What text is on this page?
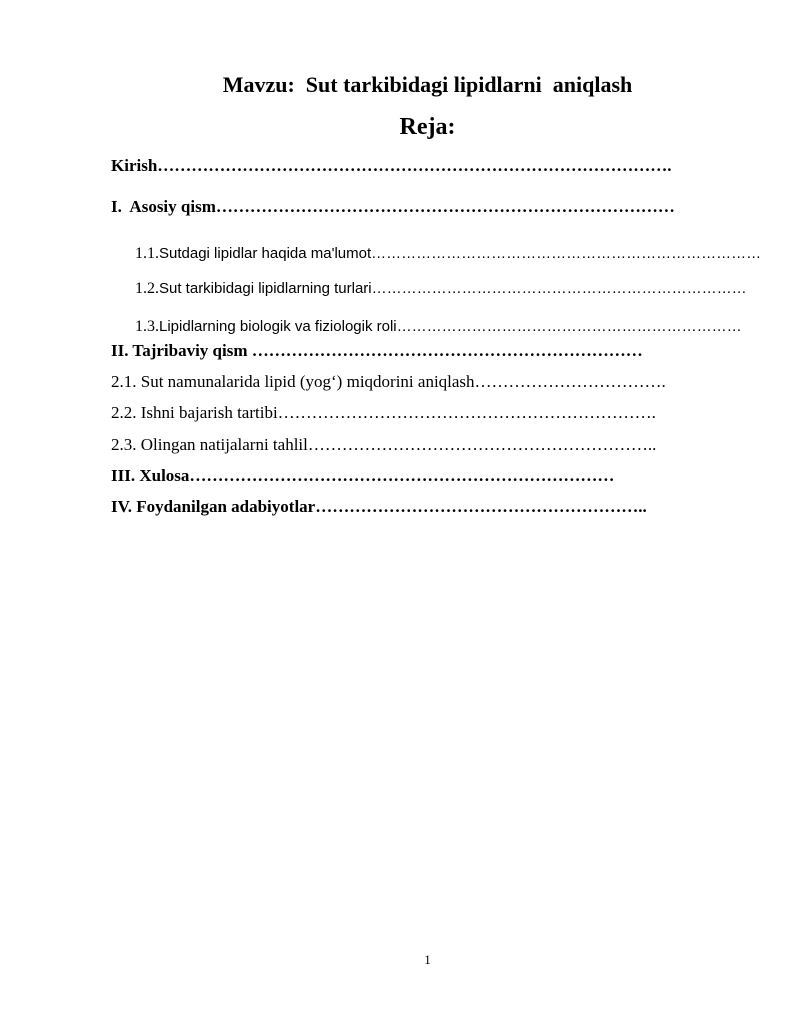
Mavzu:  Sut tarkibidagi lipidlarni  aniqlash
Reja:
Kirish……………………………………………………………………………….
I.  Asosiy qism………………………………………………………………………

1.1.Sutdagi lipidlar haqida ma'lumot……………………………………………………………………

1.2.Sut tarkibidagi lipidlarning turlari…………………………………………………………………

1.3.Lipidlarning biologik va fiziologik roli……………………………………………………………

II. Tajribaviy qism ……………………………………………………………
2.1. Sut namunalarida lipid (yog‘) miqdorini aniqlash…………………………….
2.2. Ishni bajarish tartibi………………………………………………………….
2.3. Olingan natijalarni tahlil……………………………………………………..
III. Xulosa…………………………………………………………………
IV. Foydanilgan adabiyotlar…………………………………………………..
1
